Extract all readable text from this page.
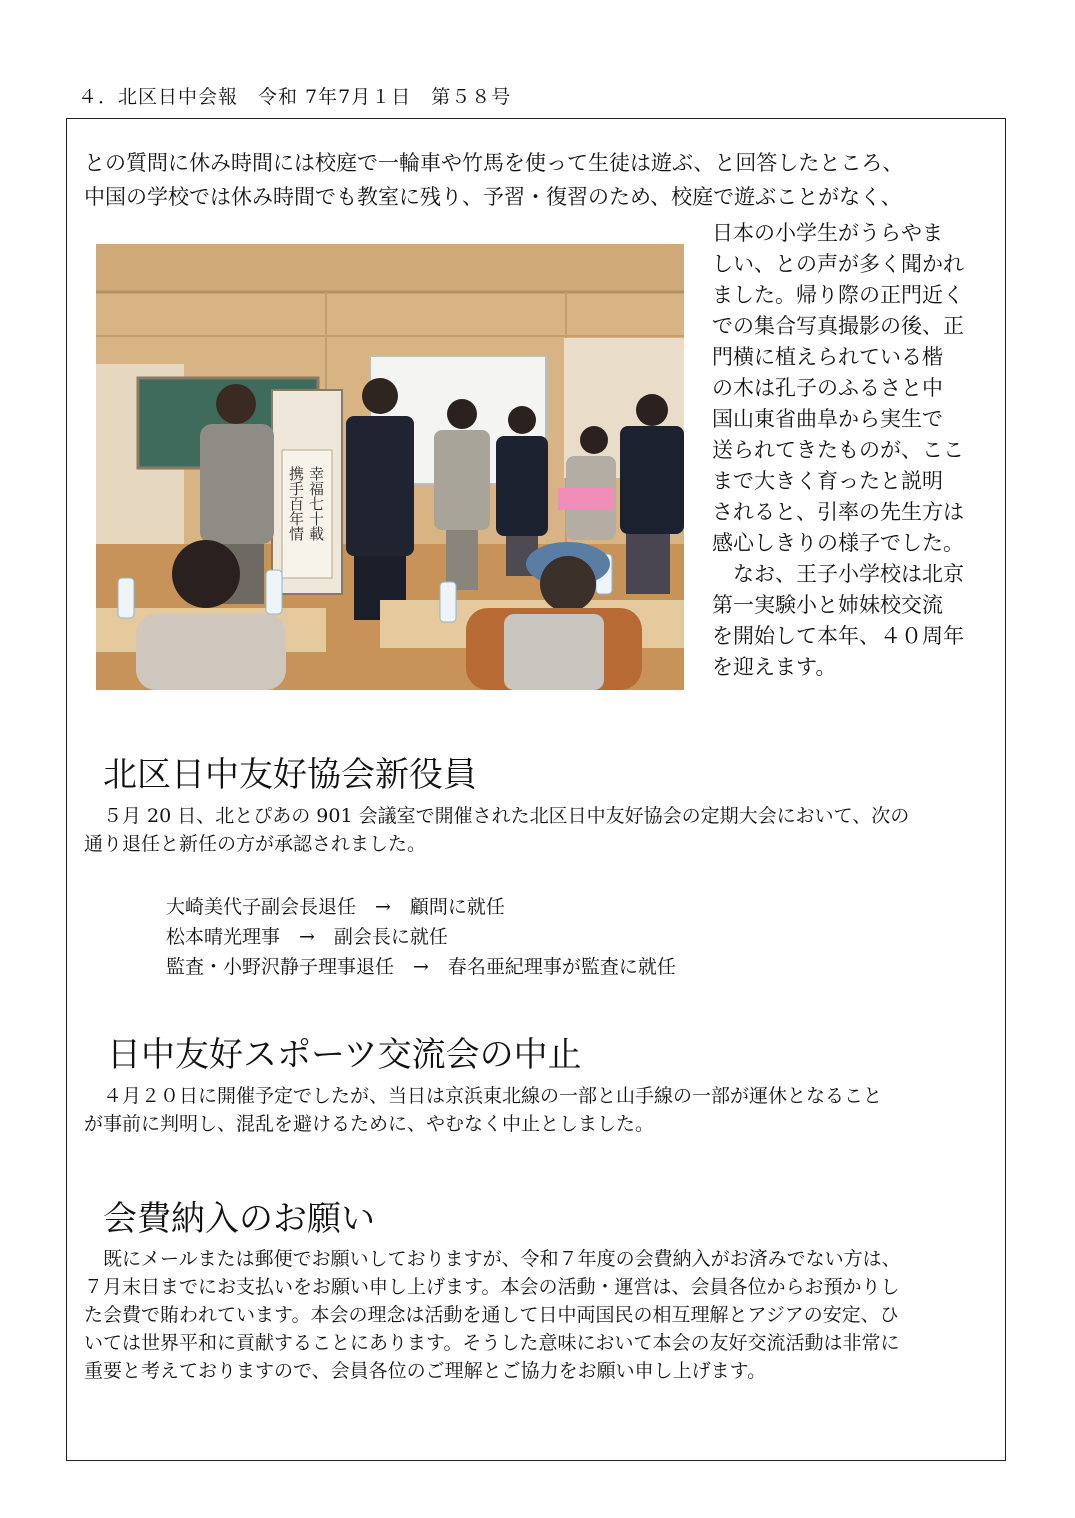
４．北区日中会報　令和 7年7月１日　第５８号
との質問に休み時間には校庭で一輪車や竹馬を使って生徒は遊ぶ、と回答したところ、
中国の学校では休み時間でも教室に残り、予習・復習のため、校庭で遊ぶことがなく、
幸福七十載
携手百年情
日本の小学生がうらやま
しい、との声が多く聞かれ
ました。帰り際の正門近く
での集合写真撮影の後、正
門横に植えられている楷
の木は孔子のふるさと中
国山東省曲阜から実生で
送られてきたものが、ここ
まで大きく育ったと説明
されると、引率の先生方は
感心しきりの様子でした。
　なお、王子小学校は北京
第一実験小と姉妹校交流
を開始して本年、４０周年
を迎えます。
北区日中友好協会新役員
　５月 20 日、北とぴあの 901 会議室で開催された北区日中友好協会の定期大会において、次の
通り退任と新任の方が承認されました。
大崎美代子副会長退任　→　顧問に就任
松本晴光理事　→　副会長に就任
監査・小野沢静子理事退任　→　春名亜紀理事が監査に就任
日中友好スポーツ交流会の中止
　４月２０日に開催予定でしたが、当日は京浜東北線の一部と山手線の一部が運休となること
が事前に判明し、混乱を避けるために、やむなく中止としました。
会費納入のお願い
　既にメールまたは郵便でお願いしておりますが、令和７年度の会費納入がお済みでない方は、
７月末日までにお支払いをお願い申し上げます。本会の活動・運営は、会員各位からお預かりし
た会費で賄われています。本会の理念は活動を通して日中両国民の相互理解とアジアの安定、ひ
いては世界平和に貢献することにあります。そうした意味において本会の友好交流活動は非常に
重要と考えておりますので、会員各位のご理解とご協力をお願い申し上げます。
